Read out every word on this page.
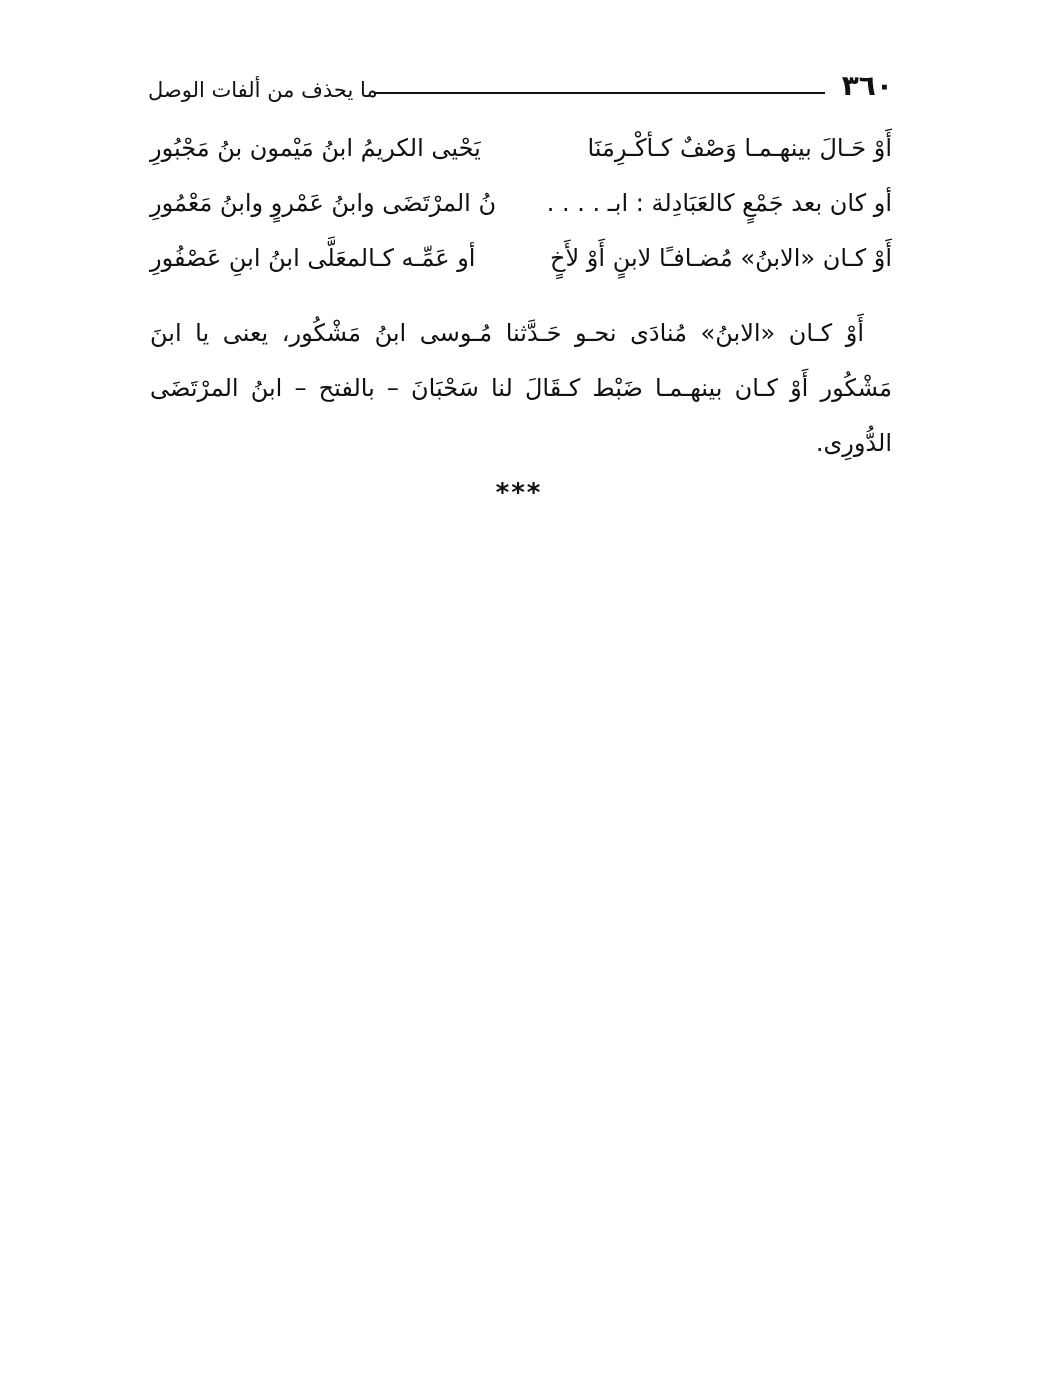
٣٦٠
ما يحذف من ألفات الوصل
أَوْ حَـالَ بينهـمـا وَصْفٌ كـأكْـرِمَنَا
يَحْيى الكريمُ ابنُ مَيْمون بنُ مَجْبُورِ
أو كان بعد جَمْعٍ كالعَبَادِلة : ابـ . . . .
نُ المرْتَضَى وابنُ عَمْروٍ وابنُ مَعْمُورِ
أَوْ كـان «الابنُ» مُضـافـًا لابنٍ أَوْ لأَخٍ
أو عَمِّـه كـالمعَلَّى ابنُ ابنِ عَصْفُورِ

أَوْ كـان «الابنُ» مُنادَى نحـو حَـدَّثنا مُـوسى ابنُ مَشْكُور، يعنى يا ابنَ مَشْكُور أَوْ كـان بينهـمـا ضَبْط كـقَالَ لنا سَحْبَانَ – بالفتح – ابنُ المرْتَضَى الدُّورِى.

***
